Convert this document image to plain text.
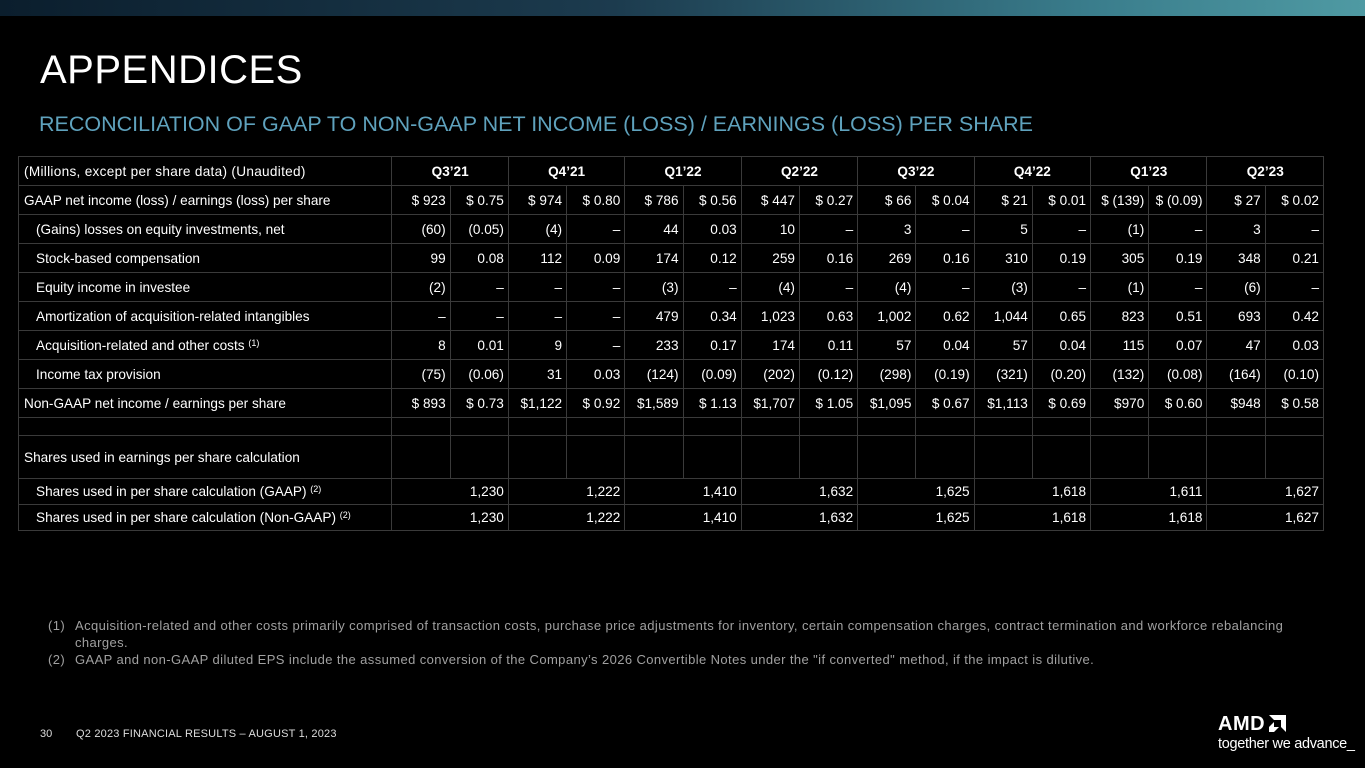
APPENDICES
RECONCILIATION OF GAAP TO NON-GAAP NET INCOME (LOSS) / EARNINGS (LOSS) PER SHARE
(Millions, except per share data) (Unaudited)	Q3’21		Q4’21		Q1’22		Q2’22		Q3’22		Q4’22		Q1’23		Q2’23	
GAAP net income (loss) / earnings (loss) per share	$ 923	$ 0.75	$ 974	$ 0.80	$ 786	$ 0.56	$ 447	$ 0.27	$ 66	$ 0.04	$ 21	$ 0.01	$ (139)	$ (0.09)	$ 27	$ 0.02
(Gains) losses on equity investments, net	(60)	(0.05)	(4)	–	44	0.03	10	–	3	–	5	–	(1)	–	3	–
Stock-based compensation	99	0.08	112	0.09	174	0.12	259	0.16	269	0.16	310	0.19	305	0.19	348	0.21
Equity income in investee	(2)	–	–	–	(3)	–	(4)	–	(4)	–	(3)	–	(1)	–	(6)	–
Amortization of acquisition-related intangibles	–	–	–	–	479	0.34	1,023	0.63	1,002	0.62	1,044	0.65	823	0.51	693	0.42
Acquisition-related and other costs $^{(1)}$	8	0.01	9	–	233	0.17	174	0.11	57	0.04	57	0.04	115	0.07	47	0.03
Income tax provision	(75)	(0.06)	31	0.03	(124)	(0.09)	(202)	(0.12)	(298)	(0.19)	(321)	(0.20)	(132)	(0.08)	(164)	(0.10)
Non-GAAP net income / earnings per share	$ 893	$ 0.73	$1,122	$ 0.92	$1,589	$ 1.13	$1,707	$ 1.05	$1,095	$ 0.67	$1,113	$ 0.69	$970	$ 0.60	$948	$ 0.58

Shares used in earnings per share calculation																
Shares used in per share calculation (GAAP) $^{(2)}$	1,230		1,222		1,410		1,632		1,625		1,618		1,611		1,627	
Shares used in per share calculation (Non-GAAP) $^{(2)}$	1,230		1,222		1,410		1,632		1,625		1,618		1,618		1,627	
(1) Acquisition-related and other costs primarily comprised of transaction costs, purchase price adjustments for inventory, certain compensation charges, contract termination and workforce rebalancing charges.
(2) GAAP and non-GAAP diluted EPS include the assumed conversion of the Company’s 2026 Convertible Notes under the "if converted" method, if the impact is dilutive.
30 Q2 2023 FINANCIAL RESULTS – AUGUST 1, 2023	AMD
together we advance_
